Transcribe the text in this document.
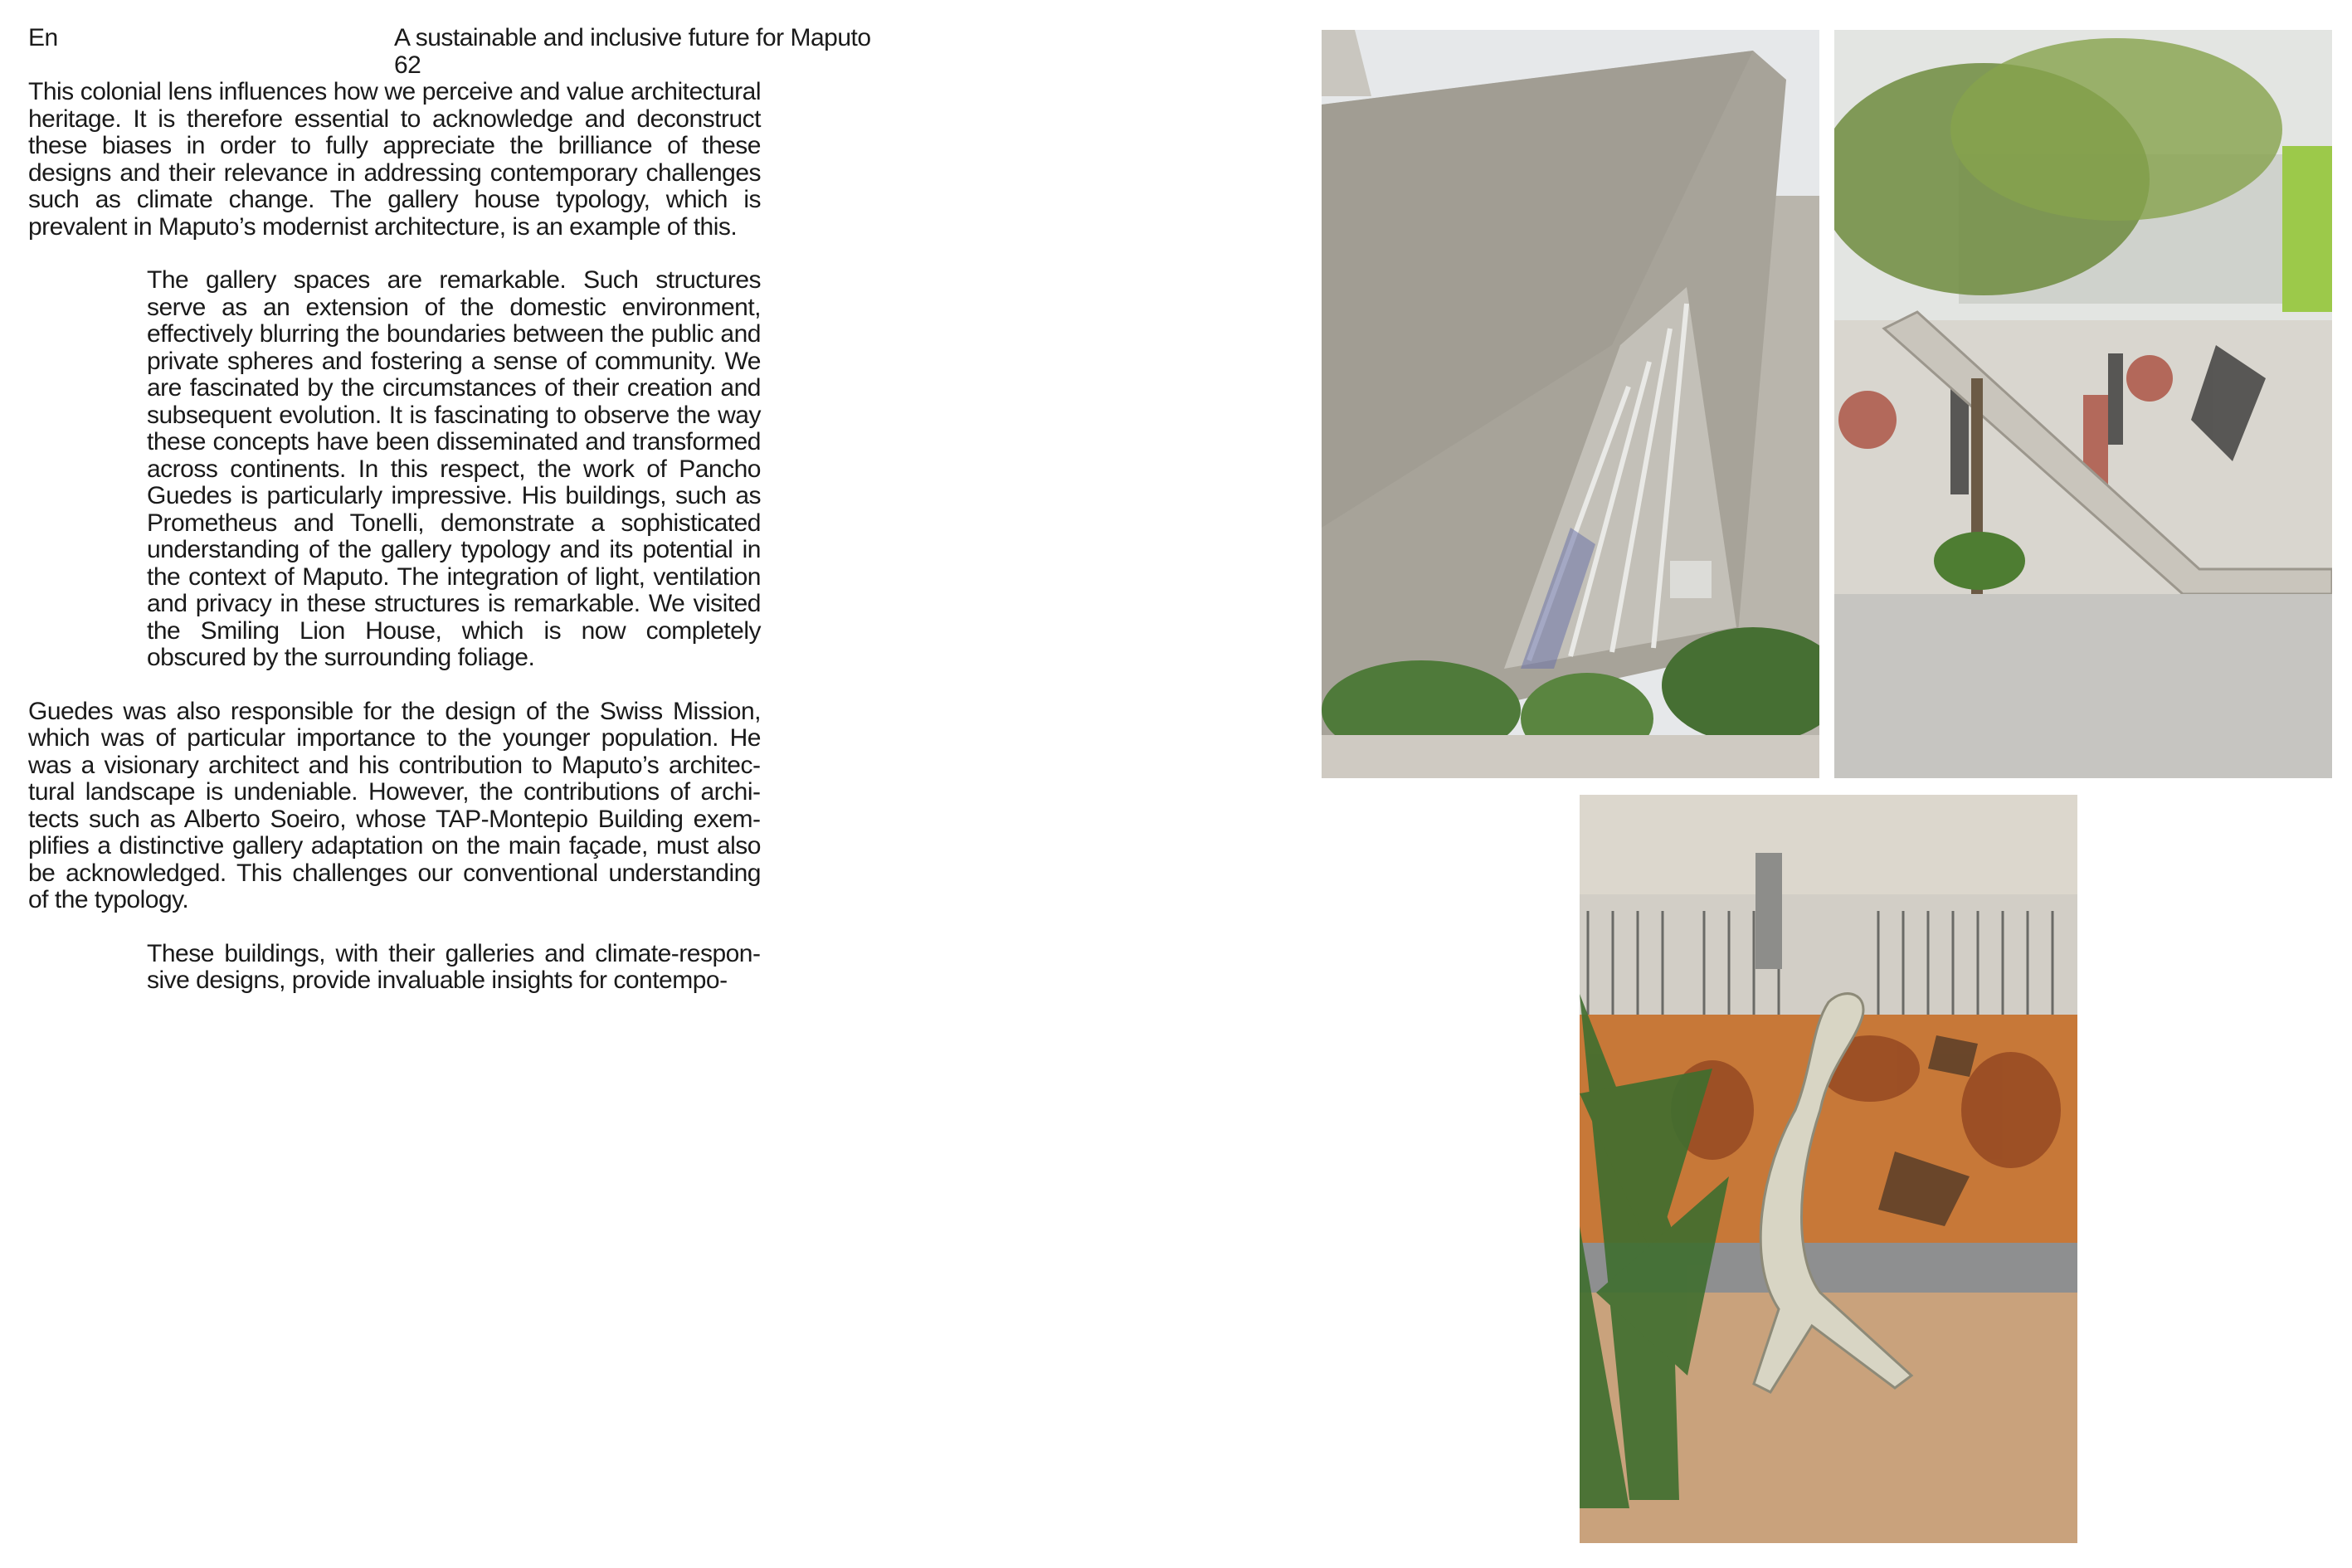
En	A sustainable and inclusive future for Maputo
62

This colonial lens influences how we perceive and value architectural heritage. It is therefore essential to acknowledge and deconstruct these biases in order to fully appreciate the brilliance of these designs and their relevance in addressing contemporary challenges such as climate change. The gallery house typology, which is prevalent in Maputo’s modernist architecture, is an example of this.

The gallery spaces are remarkable. Such structures serve as an extension of the domestic environment, effectively blurring the boundaries between the public and private spheres and fostering a sense of community. We are fascinated by the circumstances of their creation and subsequent evolution. It is fascinating to observe the way these concepts have been disseminated and transformed across continents. In this respect, the work of Pancho Guedes is particularly impressive. His buildings, such as Prometheus and Tonelli, demonstrate a sophisticated understanding of the gallery typology and its potential in the context of Maputo. The integration of light, ventilation and privacy in these structures is remarkable. We visited the Smiling Lion House, which is now completely obscured by the surrounding foliage.

Guedes was also responsible for the design of the Swiss Mission, which was of particular importance to the younger population. He was a visionary architect and his contribution to Maputo’s architectural landscape is undeniable. However, the contributions of architects such as Alberto Soeiro, whose TAP-Montepio Building exemplifies a distinctive gallery adaptation on the main façade, must also be acknowledged. This challenges our conventional understanding of the typology.

These buildings, with their galleries and climate-responsive designs, provide invaluable insights for contempo-
